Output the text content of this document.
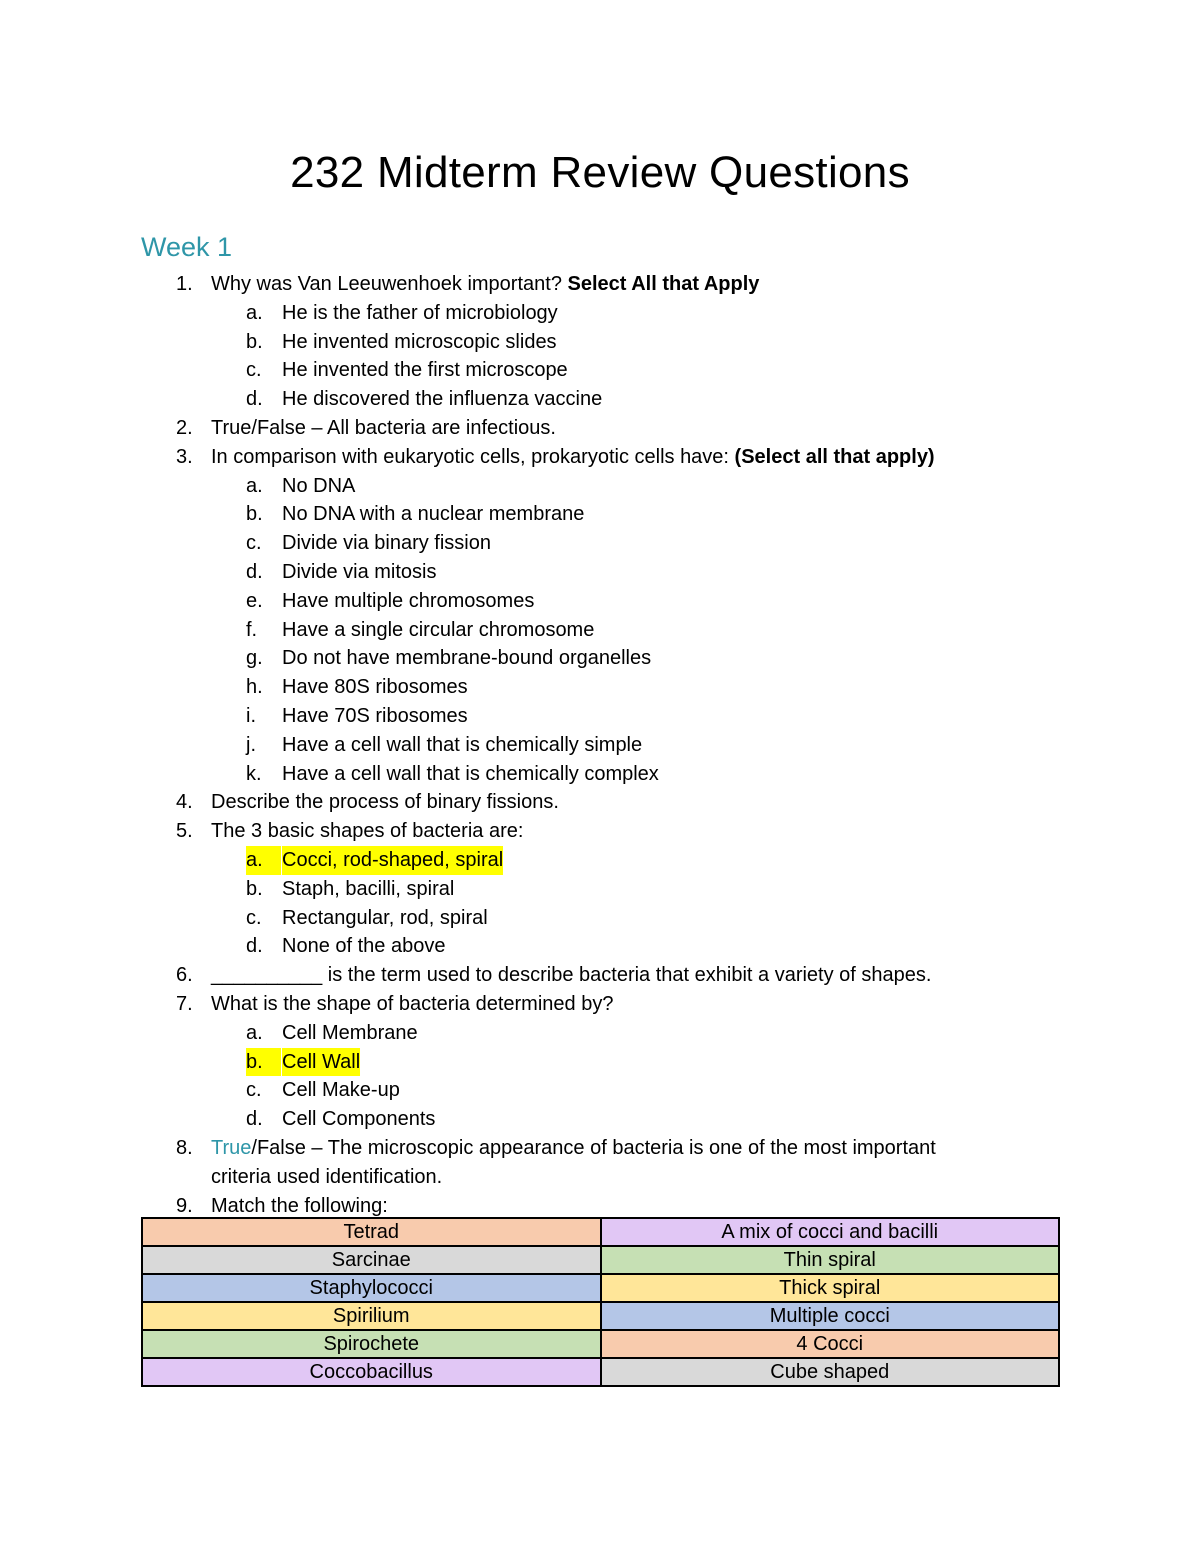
232 Midterm Review Questions
Week 1
1. Why was Van Leeuwenhoek important? Select All that Apply
a. He is the father of microbiology
b. He invented microscopic slides
c.	He invented the first microscope
d. He discovered the influenza vaccine
2. True/False – All bacteria are infectious.
3. In comparison with eukaryotic cells, prokaryotic cells have: (Select all that apply)
a. No DNA
b. No DNA with a nuclear membrane
c.	Divide via binary fission
d. Divide via mitosis
e. Have multiple chromosomes
f.	Have a single circular chromosome
g. Do not have membrane-bound organelles
h. Have 80S ribosomes
i.	Have 70S ribosomes
j.	Have a cell wall that is chemically simple
k.	Have a cell wall that is chemically complex
4. Describe the process of binary fissions.
5. The 3 basic shapes of bacteria are:
a. Cocci, rod-shaped, spiral
b. Staph, bacilli, spiral
c.	Rectangular, rod, spiral
d. None of the above
6. __________ is the term used to describe bacteria that exhibit a variety of shapes.
7. What is the shape of bacteria determined by?
a. Cell Membrane
b. Cell Wall
c.	Cell Make-up
d. Cell Components
8. True/False – The microscopic appearance of bacteria is one of the most important
criteria used identification.
9. Match the following:
Tetrad	A mix of cocci and bacilli
Sarcinae	Thin spiral
Staphylococci	Thick spiral
Spirilium	Multiple cocci
Spirochete	4 Cocci
Coccobacillus	Cube shaped
